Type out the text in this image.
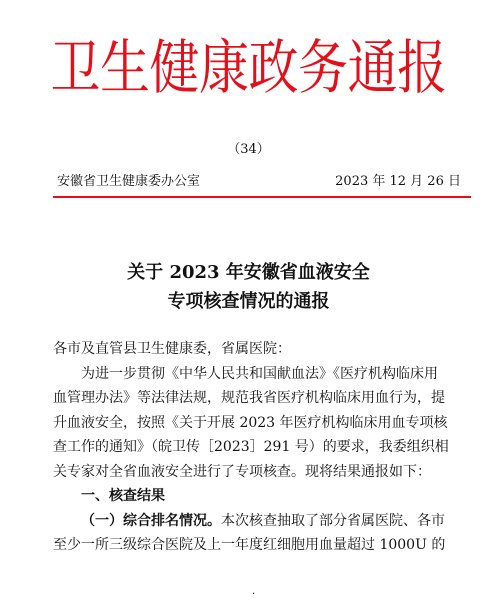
卫生健康政务通报
（34）
安徽省卫生健康委办公室	2023 年 12 月 26 日
关于 2023 年安徽省血液安全
专项核查情况的通报
各市及直管县卫生健康委，省属医院：
为进一步贯彻《中华人民共和国献血法》《医疗机构临床用
血管理办法》等法律法规，规范我省医疗机构临床用血行为，提
升血液安全，按照《关于开展 2023 年医疗机构临床用血专项核
查工作的通知》（皖卫传［2023］291 号）的要求，我委组织相
关专家对全省血液安全进行了专项核查。现将结果通报如下：
一、核查结果
（一）综合排名情况。本次核查抽取了部分省属医院、各市
至少一所三级综合医院及上一年度红细胞用血量超过 1000U 的
·
